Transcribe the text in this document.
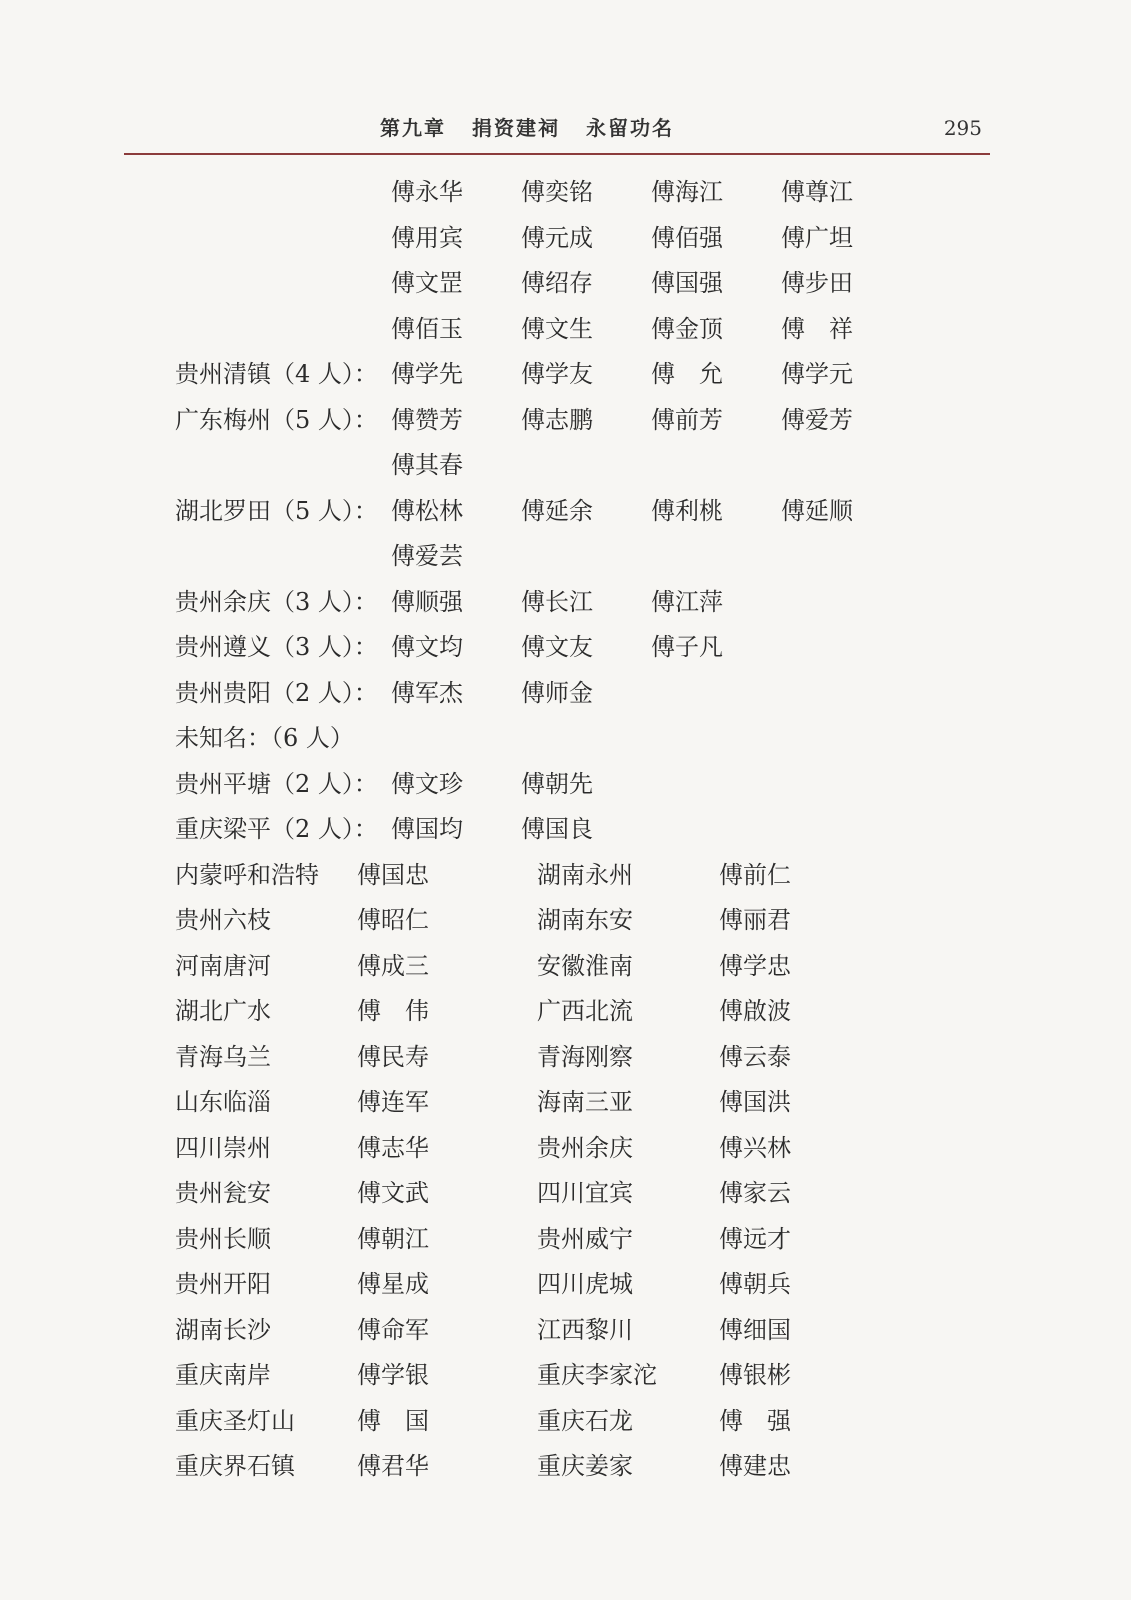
第九章 捐资建祠 永留功名	295
傅永华	傅奕铭	傅海江	傅尊江
傅用宾	傅元成	傅佰强	傅广坦
傅文罡	傅绍存	傅国强	傅步田
傅佰玉	傅文生	傅金顶	傅　祥
贵州清镇（4 人）： 傅学先	傅学友	傅　允	傅学元
广东梅州（5 人）： 傅赞芳	傅志鹏	傅前芳	傅爱芳
傅其春
湖北罗田（5 人）： 傅松林	傅延余	傅利桃	傅延顺
傅爱芸
贵州余庆（3 人）： 傅顺强	傅长江	傅江萍
贵州遵义（3 人）： 傅文均	傅文友	傅子凡
贵州贵阳（2 人）： 傅军杰	傅师金
未知名：（6 人）
贵州平塘（2 人）： 傅文珍	傅朝先
重庆梁平（2 人）： 傅国均	傅国良
内蒙呼和浩特	傅国忠	湖南永州	傅前仁
贵州六枝	傅昭仁	湖南东安	傅丽君
河南唐河	傅成三	安徽淮南	傅学忠
湖北广水	傅　伟	广西北流	傅啟波
青海乌兰	傅民寿	青海刚察	傅云泰
山东临淄	傅连军	海南三亚	傅国洪
四川崇州	傅志华	贵州余庆	傅兴林
贵州瓮安	傅文武	四川宜宾	傅家云
贵州长顺	傅朝江	贵州威宁	傅远才
贵州开阳	傅星成	四川虎城	傅朝兵
湖南长沙	傅命军	江西黎川	傅细国
重庆南岸	傅学银	重庆李家沱	傅银彬
重庆圣灯山	傅　国	重庆石龙	傅　强
重庆界石镇	傅君华	重庆姜家	傅建忠
